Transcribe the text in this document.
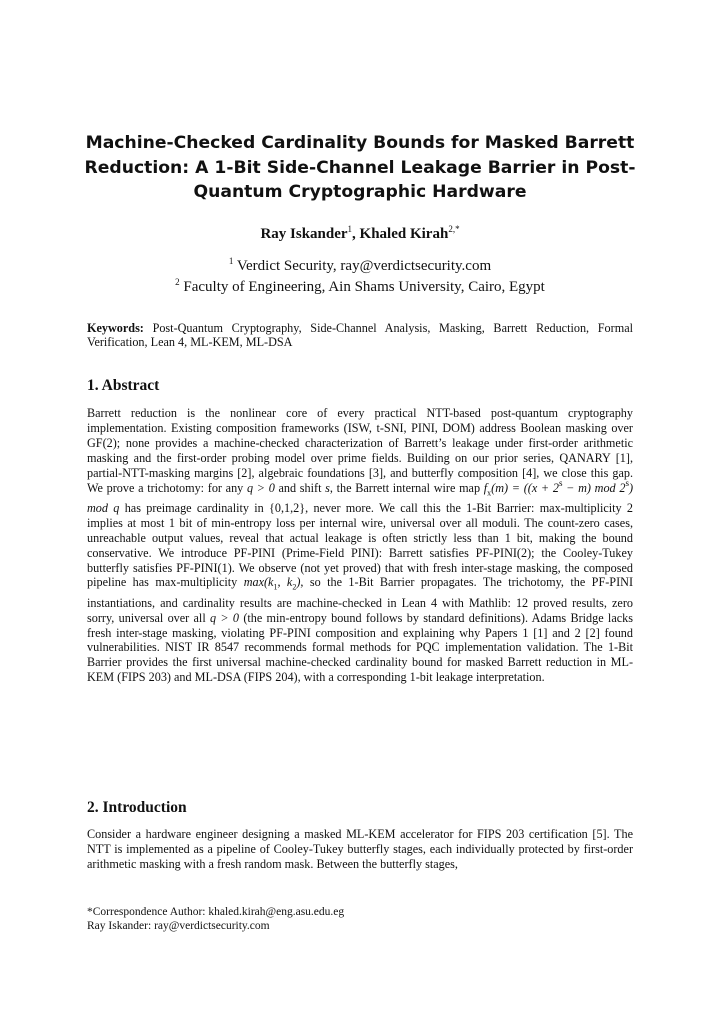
Machine-Checked Cardinality Bounds for Masked Barrett Reduction: A 1-Bit Side-Channel Leakage Barrier in Post-Quantum Cryptographic Hardware
Ray Iskander$^1$, Khaled Kirah$^{2,*}$
$^1$ Verdict Security, ray@verdictsecurity.com
$^2$ Faculty of Engineering, Ain Shams University, Cairo, Egypt
Keywords: Post-Quantum Cryptography, Side-Channel Analysis, Masking, Barrett Reduction, Formal Verification, Lean 4, ML-KEM, ML-DSA
1. Abstract

Barrett reduction is the nonlinear core of every practical NTT-based post-quantum cryptography implementation. Existing composition frameworks (ISW, t-SNI, PINI, DOM) address Boolean masking over GF(2); none provides a machine-checked characterization of Barrett’s leakage under first-order arithmetic masking and the first-order probing model over prime fields. Building on our prior series, QANARY [1], partial-NTT-masking margins [2], algebraic foundations [3], and butterfly composition [4], we close this gap. We prove a trichotomy: for any q > 0 and shift s, the Barrett internal wire map $f_x(m) = ((x + 2^s - m)$ mod 2$^s$) mod q has preimage cardinality in {0,1,2}, never more. We call this the 1-Bit Barrier: max-multiplicity 2 implies at most 1 bit of min-entropy loss per internal wire, universal over all moduli. The count-zero cases, unreachable output values, reveal that actual leakage is often strictly less than 1 bit, making the bound conservative. We introduce PF-PINI (Prime-Field PINI): Barrett satisfies PF-PINI(2); the Cooley-Tukey butterfly satisfies PF-PINI(1). We observe (not yet proved) that with fresh inter-stage masking, the composed pipeline has max-multiplicity $\max(k_1$, $k_2$), so the 1-Bit Barrier propagates. The trichotomy, the PF-PINI instantiations, and cardinality results are machine-checked in Lean 4 with Mathlib: 12 proved results, zero sorry, universal over all q > 0 (the min-entropy bound follows by standard definitions). Adams Bridge lacks fresh inter-stage masking, violating PF-PINI composition and explaining why Papers 1 [1] and 2 [2] found vulnerabilities. NIST IR 8547 recommends formal methods for PQC implementation validation. The 1-Bit Barrier provides the first universal machine-checked cardinality bound for masked Barrett reduction in ML-KEM (FIPS 203) and ML-DSA (FIPS 204), with a corresponding 1-bit leakage interpretation.

2. Introduction

Consider a hardware engineer designing a masked ML-KEM accelerator for FIPS 203 certification [5]. The NTT is implemented as a pipeline of Cooley-Tukey butterfly stages, each individually protected by first-order arithmetic masking with a fresh random mask. Between the butterfly stages,

*Correspondence Author: khaled.kirah@eng.asu.edu.eg
Ray Iskander: ray@verdictsecurity.com
